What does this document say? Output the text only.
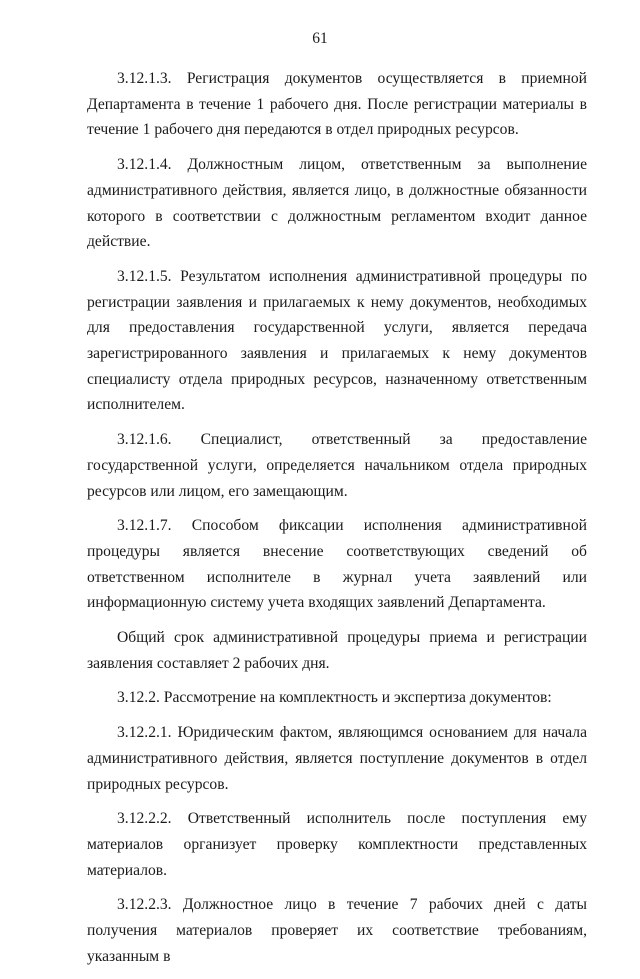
61

3.12.1.3. Регистрация документов осуществляется в приемной Департамента в течение 1 рабочего дня. После регистрации материалы в течение 1 рабочего дня передаются в отдел природных ресурсов.

3.12.1.4. Должностным лицом, ответственным за выполнение административного действия, является лицо, в должностные обязанности которого в соответствии с должностным регламентом входит данное действие.

3.12.1.5. Результатом исполнения административной процедуры по регистрации заявления и прилагаемых к нему документов, необходимых для предоставления государственной услуги, является передача зарегистрированного заявления и прилагаемых к нему документов специалисту отдела природных ресурсов, назначенному ответственным исполнителем.

3.12.1.6. Специалист, ответственный за предоставление государственной услуги, определяется начальником отдела природных ресурсов или лицом, его замещающим.

3.12.1.7. Способом фиксации исполнения административной процедуры является внесение соответствующих сведений об ответственном исполнителе в журнал учета заявлений или информационную систему учета входящих заявлений Департамента.

Общий срок административной процедуры приема и регистрации заявления составляет 2 рабочих дня.

3.12.2. Рассмотрение на комплектность и экспертиза документов:

3.12.2.1. Юридическим фактом, являющимся основанием для начала административного действия, является поступление документов в отдел природных ресурсов.

3.12.2.2. Ответственный исполнитель после поступления ему материалов организует проверку комплектности представленных материалов.

3.12.2.3. Должностное лицо в течение 7 рабочих дней с даты получения материалов проверяет их соответствие требованиям, указанным в
